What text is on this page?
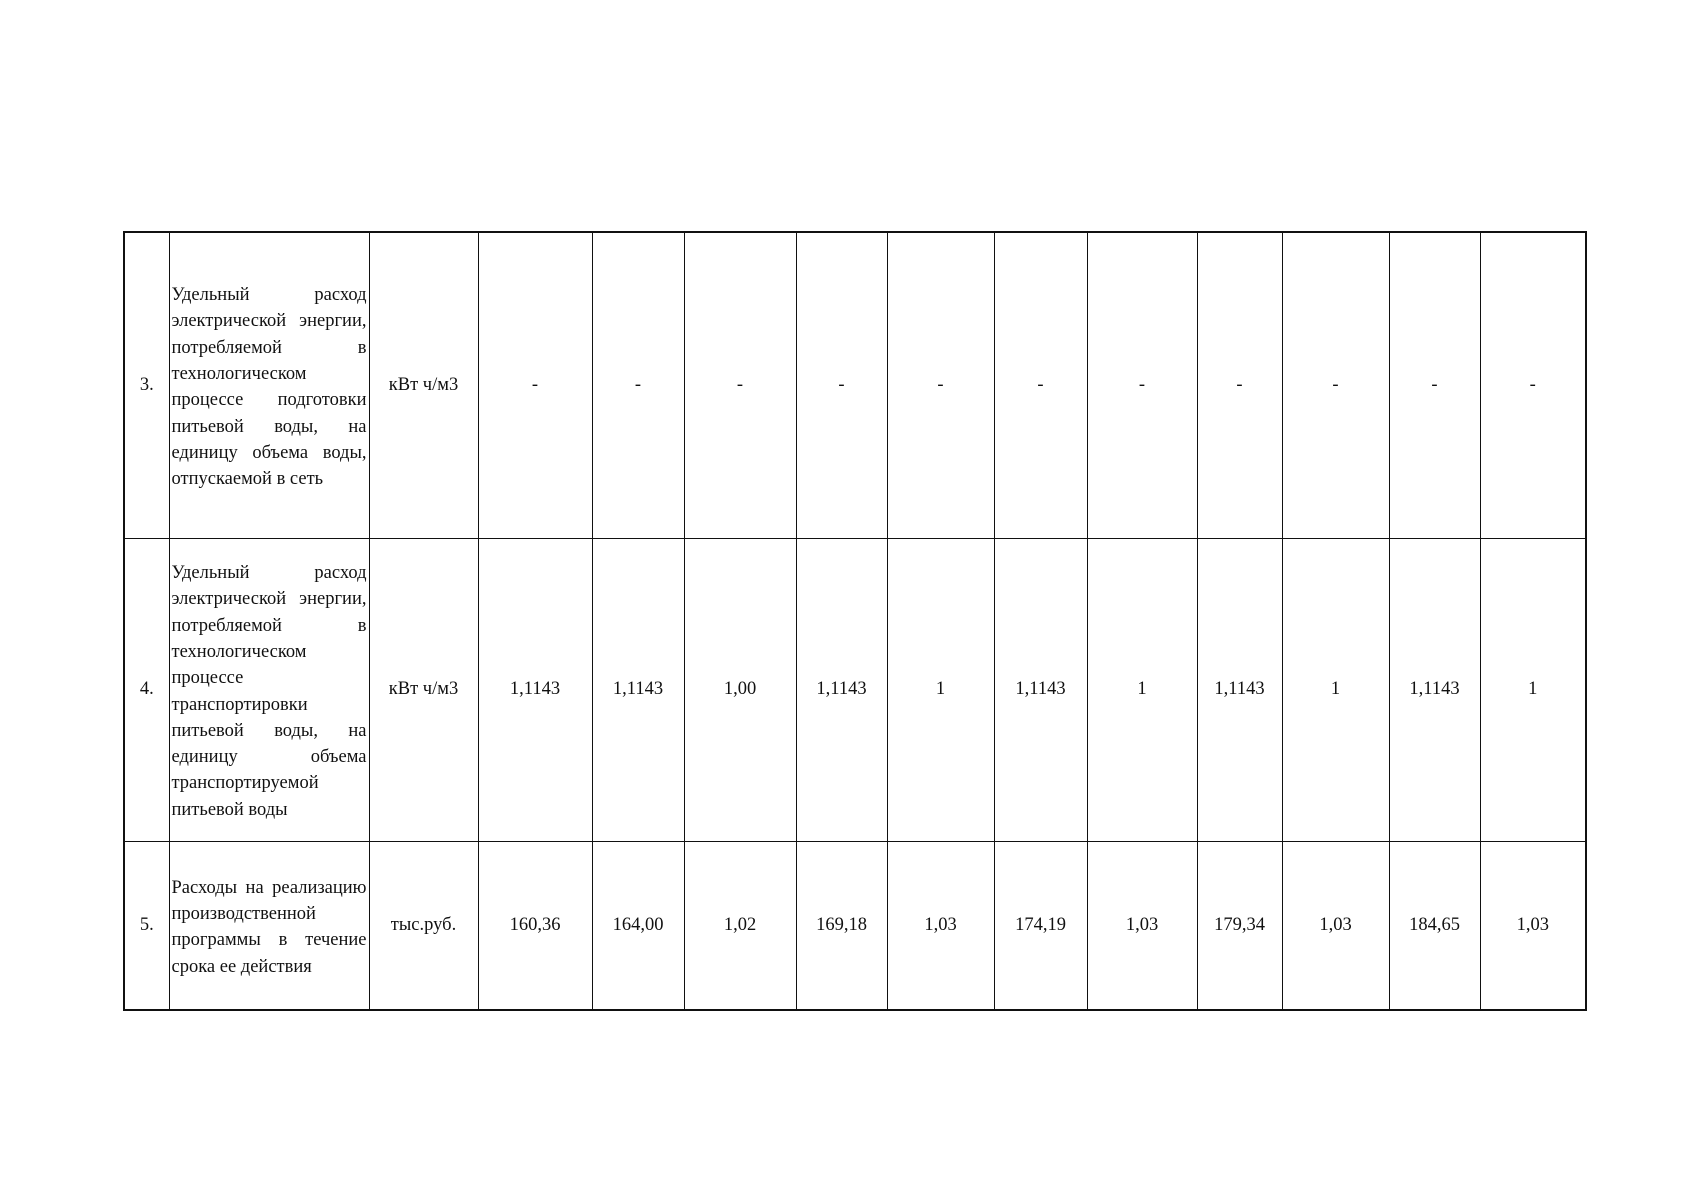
3.	Удельный расход электрической энергии, потребляемой в технологическом процессе подготовки питьевой воды, на единицу объема воды, отпускаемой в сеть	кВт ч/м3	-	-	-	-	-	-	-	-	-	-	-
4.	Удельный расход электрической энергии, потребляемой в технологическом процессе транспортировки питьевой воды, на единицу объема транспортируемой питьевой воды	кВт ч/м3	1,1143	1,1143	1,00	1,1143	1	1,1143	1	1,1143	1	1,1143	1
5.	Расходы на реализацию производственной программы в течение срока ее действия	тыс.руб.	160,36	164,00	1,02	169,18	1,03	174,19	1,03	179,34	1,03	184,65	1,03
